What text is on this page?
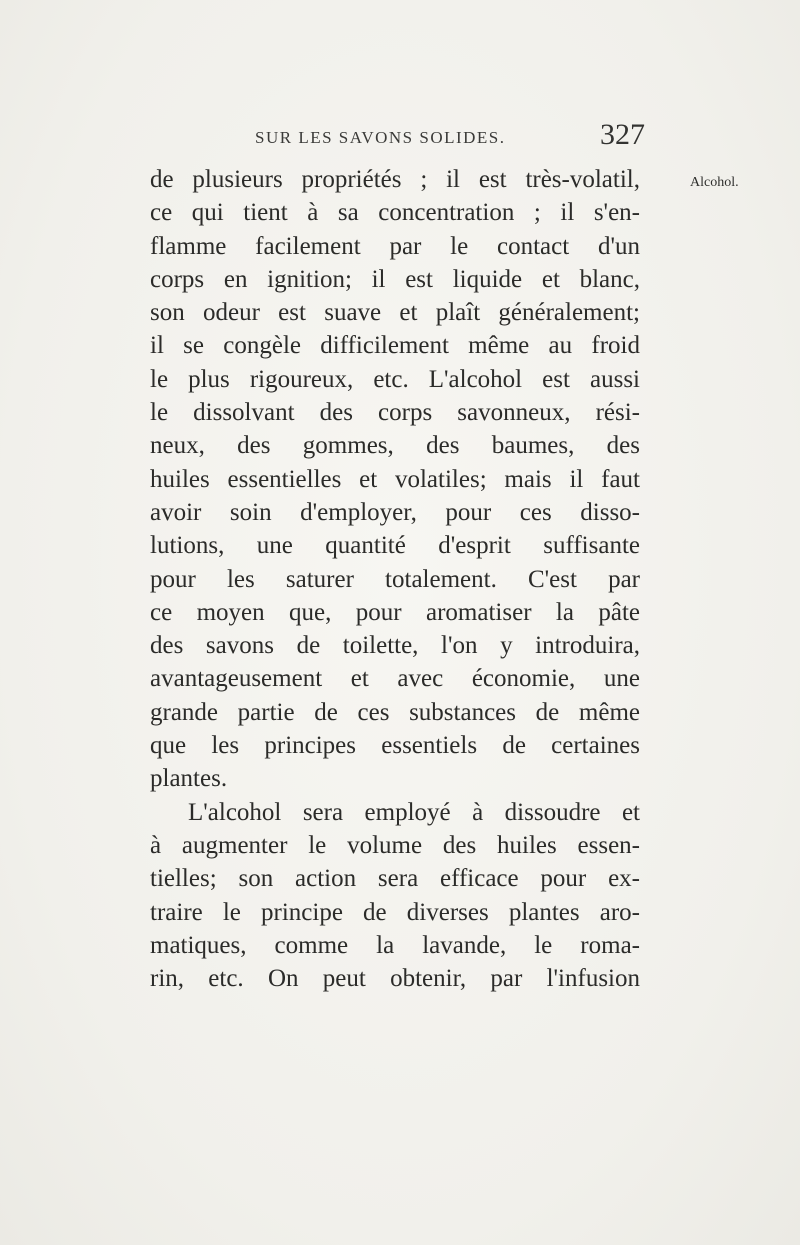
SUR LES SAVONS SOLIDES.	327
Alcohol.
de plusieurs propriétés ; il est très-volatil,
ce qui tient à sa concentration ; il s'en-
flamme facilement par le contact d'un
corps en ignition; il est liquide et blanc,
son odeur est suave et plaît généralement;
il se congèle difficilement même au froid
le plus rigoureux, etc. L'alcohol est aussi
le dissolvant des corps savonneux, rési-
neux, des gommes, des baumes, des
huiles essentielles et volatiles; mais il faut
avoir soin d'employer, pour ces disso-
lutions, une quantité d'esprit suffisante
pour les saturer totalement. C'est par
ce moyen que, pour aromatiser la pâte
des savons de toilette, l'on y introduira,
avantageusement et avec économie, une
grande partie de ces substances de même
que les principes essentiels de certaines
plantes.
L'alcohol sera employé à dissoudre et
à augmenter le volume des huiles essen-
tielles; son action sera efficace pour ex-
traire le principe de diverses plantes aro-
matiques, comme la lavande, le roma-
rin, etc. On peut obtenir, par l'infusion
